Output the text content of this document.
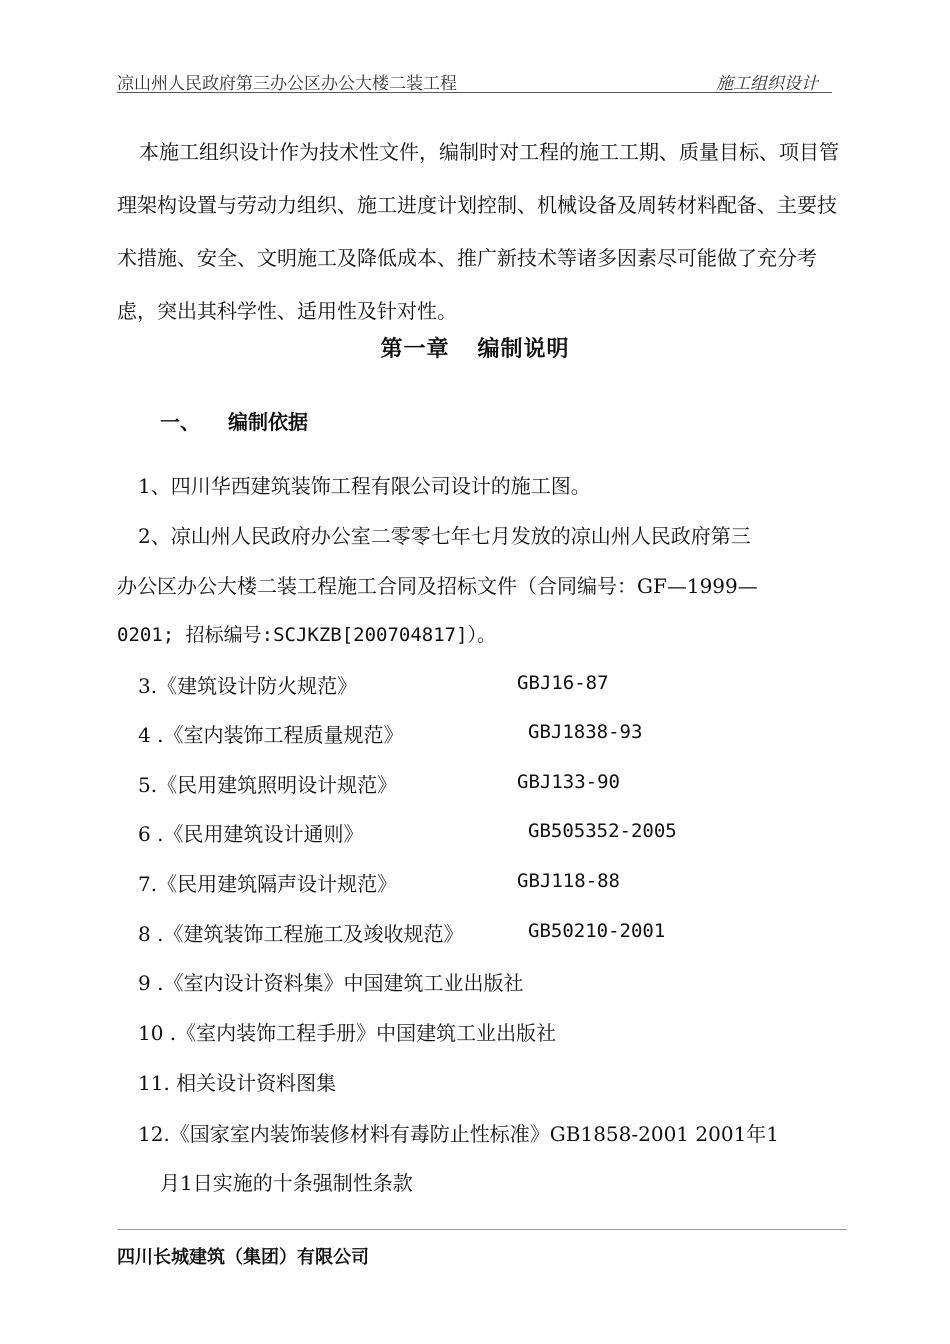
凉山州人民政府第三办公区办公大楼二装工程	施工组织设计

本施工组织设计作为技术性文件，编制时对工程的施工工期、质量目标、项目管理架构设置与劳动力组织、施工进度计划控制、机械设备及周转材料配备、主要技术措施、安全、文明施工及降低成本、推广新技术等诸多因素尽可能做了充分考虑，突出其科学性、适用性及针对性。

第一章 编制说明
一、 编制依据
1、四川华西建筑装饰工程有限公司设计的施工图。
2、凉山州人民政府办公室二零零七年七月发放的凉山州人民政府第三
办公区办公大楼二装工程施工合同及招标文件（合同编号：GF—1999—
0201; 招标编号:SCJKZB[200704817]）。
3.《建筑设计防火规范》	GBJ16-87
4 .《室内装饰工程质量规范》	GBJ1838-93
5.《民用建筑照明设计规范》	GBJ133-90
6 .《民用建筑设计通则》	GB505352-2005
7.《民用建筑隔声设计规范》	GBJ118-88
8 .《建筑装饰工程施工及竣收规范》	GB50210-2001
9 .《室内设计资料集》中国建筑工业出版社
10 .《室内装饰工程手册》中国建筑工业出版社
11. 相关设计资料图集
12.《国家室内装饰装修材料有毒防止性标准》GB1858-2001 2001年1
月1日实施的十条强制性条款
四川长城建筑（集团）有限公司
